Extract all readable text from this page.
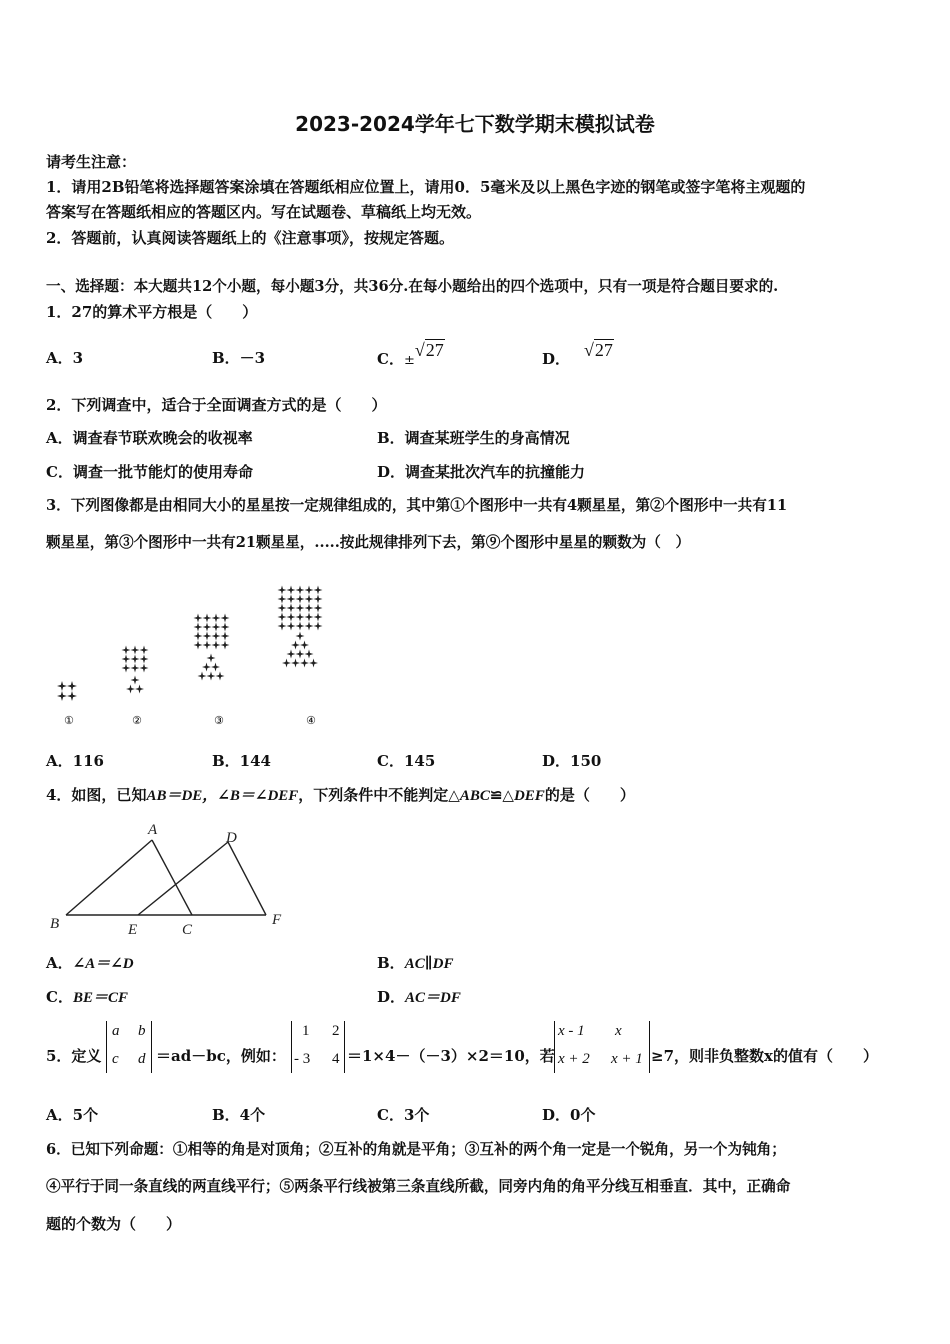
2023-2024学年七下数学期末模拟试卷
请考生注意：
1．请用2B铅笔将选择题答案涂填在答题纸相应位置上，请用0．5毫米及以上黑色字迹的钢笔或签字笔将主观题的
答案写在答题纸相应的答题区内。写在试题卷、草稿纸上均无效。
2．答题前，认真阅读答题纸上的《注意事项》，按规定答题。
一、选择题：本大题共12个小题，每小题3分，共36分.在每小题给出的四个选项中，只有一项是符合题目要求的.
1．27的算术平方根是（　　）
A．3	B．－3	C．±√27	D． √27
2．下列调查中，适合于全面调查方式的是（　　）
A．调查春节联欢晚会的收视率	B．调查某班学生的身高情况
C．调查一批节能灯的使用寿命	D．调查某批次汽车的抗撞能力
3．下列图像都是由相同大小的星星按一定规律组成的，其中第①个图形中一共有4颗星星，第②个图形中一共有11
颗星星，第③个图形中一共有21颗星星，.....按此规律排列下去，第⑨个图形中星星的颗数为（　）
①	②	③	④
A．116	B．144	C．145	D．150
4．如图，已知AB＝DE，∠B＝∠DEF，下列条件中不能判定△ABC≌△DEF的是（　　）
A	D
B	E	C
F
A．∠A＝∠D	B．AC∥DF
C．BE＝CF	D．AC＝DF
5．定义
a b
c d ＝ad－bc，例如：
1 2
- 3 4 ＝1×4－（－3）×2＝10，若
x - 1 x
x + 2 x + 1 ≥7，则非负整数x的值有（　　）
A．5个	B．4个	C．3个	D．0个
6．已知下列命题：①相等的角是对顶角；②互补的角就是平角；③互补的两个角一定是一个锐角，另一个为钝角；
④平行于同一条直线的两直线平行；⑤两条平行线被第三条直线所截，同旁内角的角平分线互相垂直．其中，正确命
题的个数为（　　）
